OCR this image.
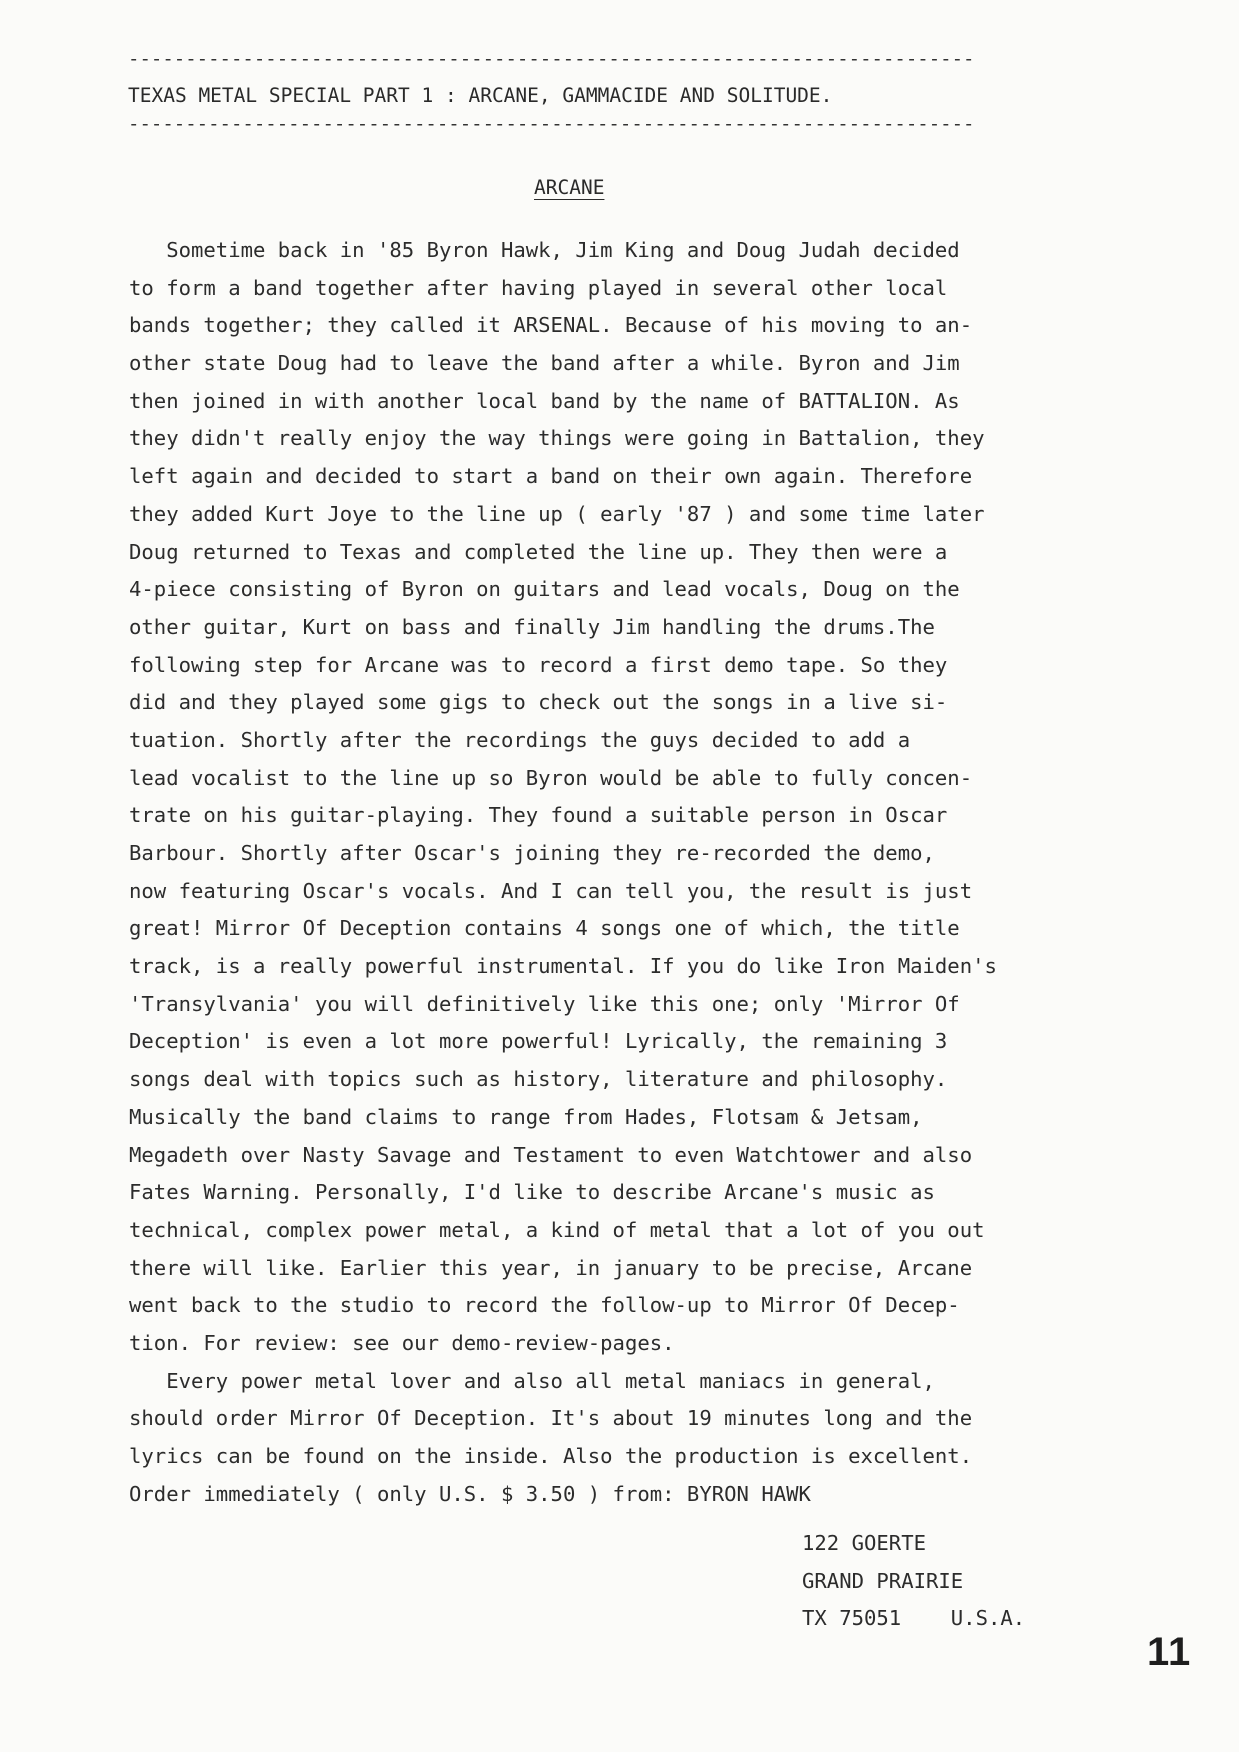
--------------------------------------------------------------------------
TEXAS METAL SPECIAL PART 1 : ARCANE, GAMMACIDE AND SOLITUDE.
--------------------------------------------------------------------------
ARCANE
Sometime back in '85 Byron Hawk, Jim King and Doug Judah decided
to form a band together after having played in several other local
bands together; they called it ARSENAL. Because of his moving to an-
other state Doug had to leave the band after a while. Byron and Jim
then joined in with another local band by the name of BATTALION. As
they didn't really enjoy the way things were going in Battalion, they
left again and decided to start a band on their own again. Therefore
they added Kurt Joye to the line up ( early '87 ) and some time later
Doug returned to Texas and completed the line up. They then were a
4-piece consisting of Byron on guitars and lead vocals, Doug on the
other guitar, Kurt on bass and finally Jim handling the drums.The
following step for Arcane was to record a first demo tape. So they
did and they played some gigs to check out the songs in a live si-
tuation. Shortly after the recordings the guys decided to add a
lead vocalist to the line up so Byron would be able to fully concen-
trate on his guitar-playing. They found a suitable person in Oscar
Barbour. Shortly after Oscar's joining they re-recorded the demo,
now featuring Oscar's vocals. And I can tell you, the result is just
great! Mirror Of Deception contains 4 songs one of which, the title
track, is a really powerful instrumental. If you do like Iron Maiden's
'Transylvania' you will definitively like this one; only 'Mirror Of
Deception' is even a lot more powerful! Lyrically, the remaining 3
songs deal with topics such as history, literature and philosophy.
Musically the band claims to range from Hades, Flotsam & Jetsam,
Megadeth over Nasty Savage and Testament to even Watchtower and also
Fates Warning. Personally, I'd like to describe Arcane's music as
technical, complex power metal, a kind of metal that a lot of you out
there will like. Earlier this year, in january to be precise, Arcane
went back to the studio to record the follow-up to Mirror Of Decep-
tion. For review: see our demo-review-pages.
Every power metal lover and also all metal maniacs in general,
should order Mirror Of Deception. It's about 19 minutes long and the
lyrics can be found on the inside. Also the production is excellent.
Order immediately ( only U.S. $ 3.50 ) from: BYRON HAWK
122 GOERTE
GRAND PRAIRIE
TX 75051    U.S.A.
11
